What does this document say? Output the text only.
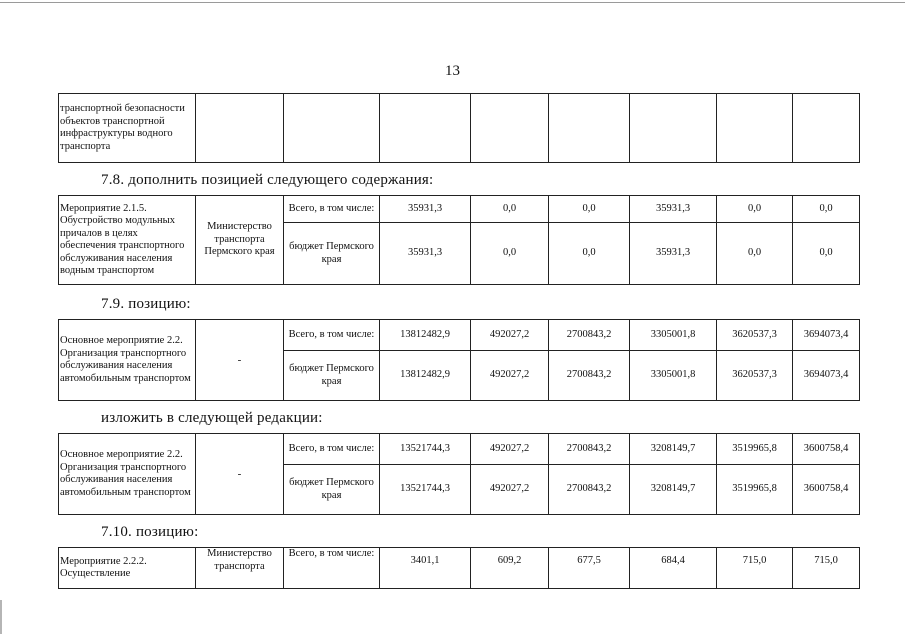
13
транспортной безопасности объектов транспортной инфраструктуры водного транспорта								
7.8. дополнить позицией следующего содержания:
Мероприятие 2.1.5. Обустройство модульных причалов в целях обеспечения транспортного обслуживания населения водным транспортом	Министерство транспорта Пермского края	Всего, в том числе:	35931,3	0,0	0,0	35931,3	0,0	0,0
		бюджет Пермского края	35931,3	0,0	0,0	35931,3	0,0	0,0
7.9. позицию:
Основное мероприятие 2.2. Организация транспортного обслуживания населения автомобильным транспортом	-	Всего, в том числе:	13812482,9	492027,2	2700843,2	3305001,8	3620537,3	3694073,4
		бюджет Пермского края	13812482,9	492027,2	2700843,2	3305001,8	3620537,3	3694073,4
изложить в следующей редакции:
Основное мероприятие 2.2. Организация транспортного обслуживания населения автомобильным транспортом	-	Всего, в том числе:	13521744,3	492027,2	2700843,2	3208149,7	3519965,8	3600758,4
		бюджет Пермского края	13521744,3	492027,2	2700843,2	3208149,7	3519965,8	3600758,4
7.10. позицию:
Мероприятие 2.2.2. Осуществление	Министерство транспорта	Всего, в том числе:	3401,1	609,2	677,5	684,4	715,0	715,0
